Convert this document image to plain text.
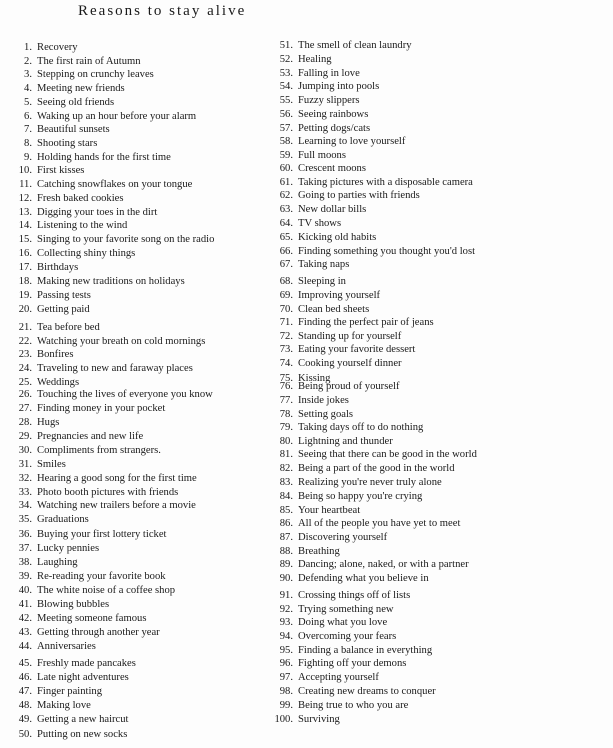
Reasons to stay alive
1. Recovery
2. The first rain of Autumn
3. Stepping on crunchy leaves
4. Meeting new friends
5. Seeing old friends
6. Waking up an hour before your alarm
7. Beautiful sunsets
8. Shooting stars
9. Holding hands for the first time
10. First kisses
11. Catching snowflakes on your tongue
12. Fresh baked cookies
13. Digging your toes in the dirt
14. Listening to the wind
15. Singing to your favorite song on the radio
16. Collecting shiny things
17. Birthdays
18. Making new traditions on holidays
19. Passing tests
20. Getting paid
21. Tea before bed
22. Watching your breath on cold mornings
23. Bonfires
24. Traveling to new and faraway places
25. Weddings
26. Touching the lives of everyone you know
27. Finding money in your pocket
28. Hugs
29. Pregnancies and new life
30. Compliments from strangers.
31. Smiles
32. Hearing a good song for the first time
33. Photo booth pictures with friends
34. Watching new trailers before a movie
35. Graduations
36. Buying your first lottery ticket
37. Lucky pennies
38. Laughing
39. Re-reading your favorite book
40. The white noise of a coffee shop
41. Blowing bubbles
42. Meeting someone famous
43. Getting through another year
44. Anniversaries
45. Freshly made pancakes
46. Late night adventures
47. Finger painting
48. Making love
49. Getting a new haircut
50. Putting on new socks
51. The smell of clean laundry
52. Healing
53. Falling in love
54. Jumping into pools
55. Fuzzy slippers
56. Seeing rainbows
57. Petting dogs/cats
58. Learning to love yourself
59. Full moons
60. Crescent moons
61. Taking pictures with a disposable camera
62. Going to parties with friends
63. New dollar bills
64. TV shows
65. Kicking old habits
66. Finding something you thought you'd lost
67. Taking naps
68. Sleeping in
69. Improving yourself
70. Clean bed sheets
71. Finding the perfect pair of jeans
72. Standing up for yourself
73. Eating your favorite dessert
74. Cooking yourself dinner
75. Kissing
76. Being proud of yourself
77. Inside jokes
78. Setting goals
79. Taking days off to do nothing
80. Lightning and thunder
81. Seeing that there can be good in the world
82. Being a part of the good in the world
83. Realizing you're never truly alone
84. Being so happy you're crying
85. Your heartbeat
86. All of the people you have yet to meet
87. Discovering yourself
88. Breathing
89. Dancing; alone, naked, or with a partner
90. Defending what you believe in
91. Crossing things off of lists
92. Trying something new
93. Doing what you love
94. Overcoming your fears
95. Finding a balance in everything
96. Fighting off your demons
97. Accepting yourself
98. Creating new dreams to conquer
99. Being true to who you are
100. Surviving
